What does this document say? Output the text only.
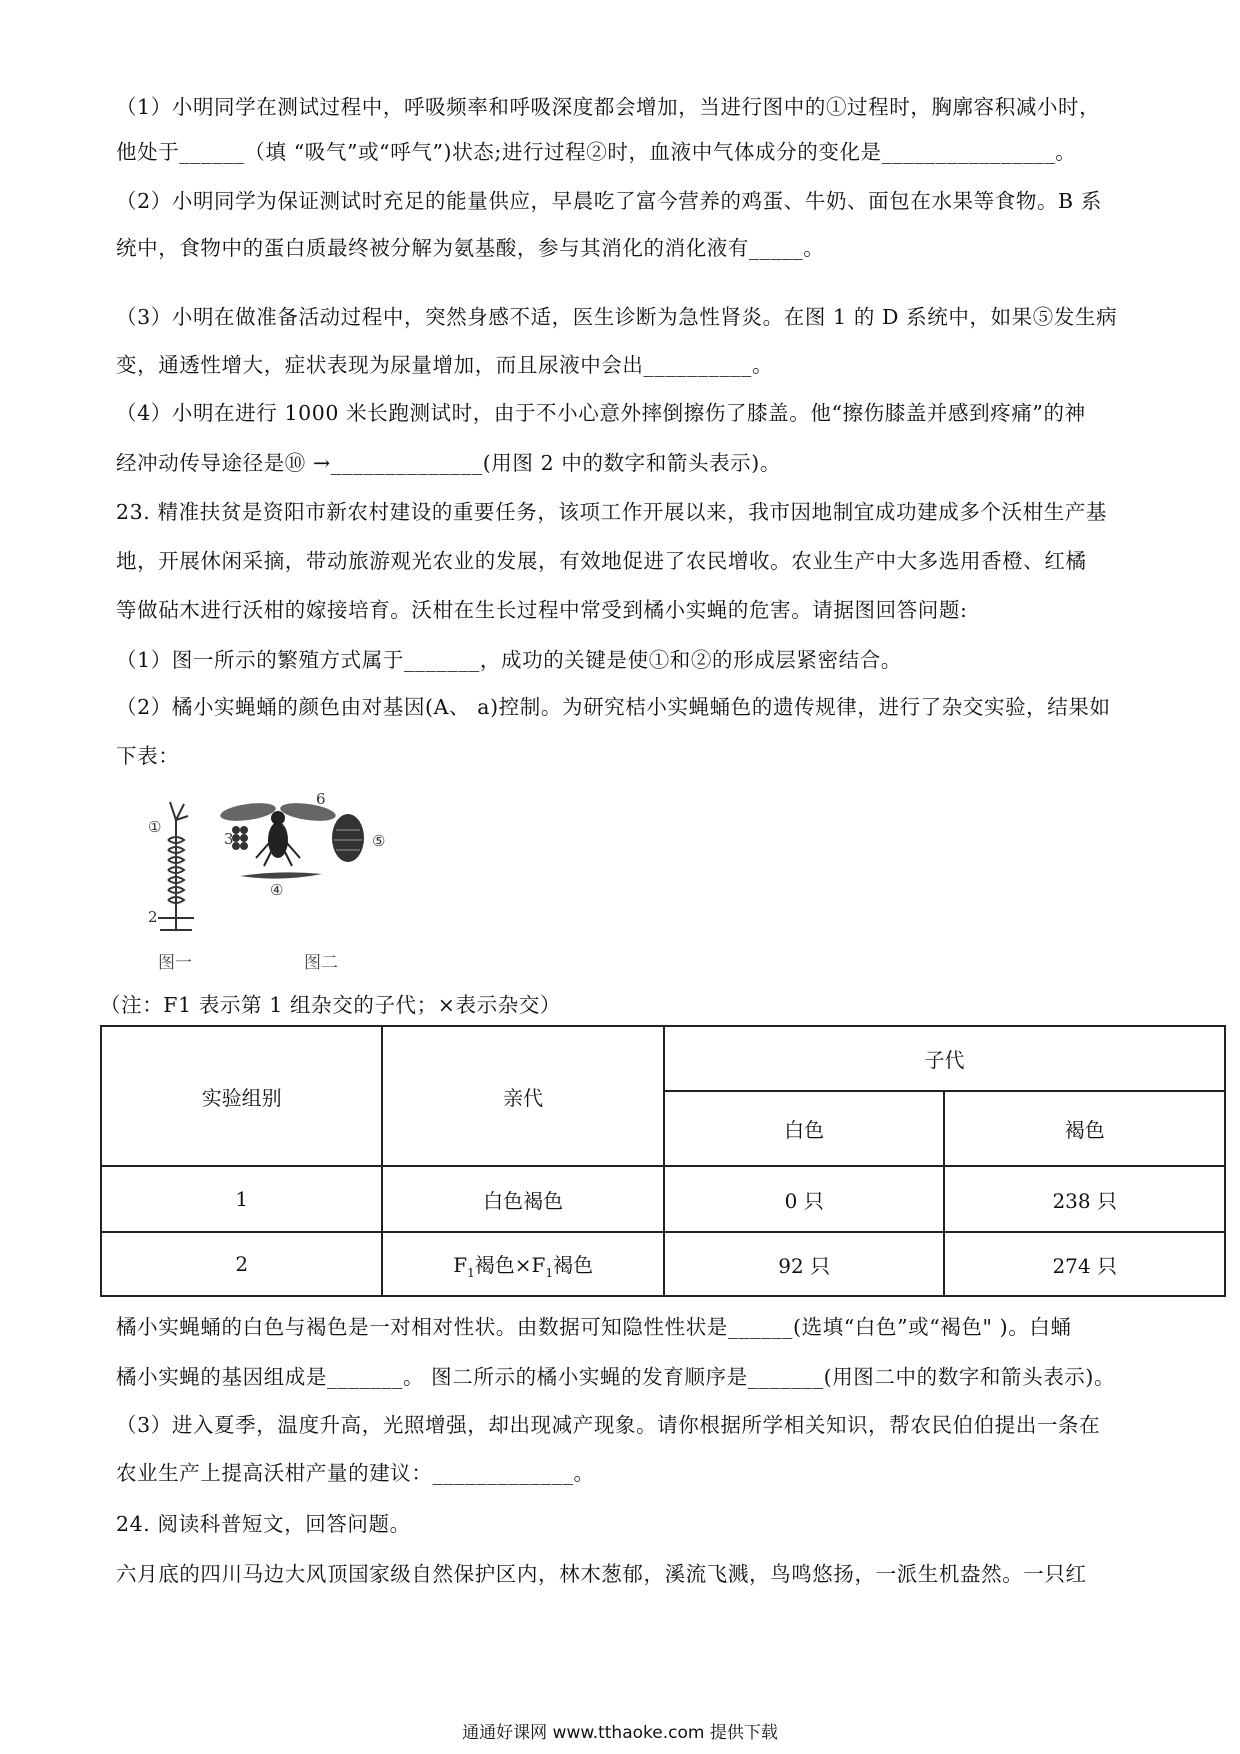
（1）小明同学在测试过程中，呼吸频率和呼吸深度都会增加，当进行图中的①过程时，胸廓容积减小时，
他处于______（填 “吸气”或“呼气”)状态;进行过程②时，血液中气体成分的变化是________________。
（2）小明同学为保证测试时充足的能量供应，早晨吃了富今营养的鸡蛋、牛奶、面包在水果等食物。B 系
统中，食物中的蛋白质最终被分解为氨基酸，参与其消化的消化液有_____。
（3）小明在做准备活动过程中，突然身感不适，医生诊断为急性肾炎。在图 1 的 D 系统中，如果⑤发生病
变，通透性增大，症状表现为尿量增加，而且尿液中会出__________。
（4）小明在进行 1000 米长跑测试时，由于不小心意外摔倒擦伤了膝盖。他“擦伤膝盖并感到疼痛”的神
经冲动传导途径是⑩ →______________(用图 2 中的数字和箭头表示)。
23. 精准扶贫是资阳市新农村建设的重要任务，该项工作开展以来，我市因地制宜成功建成多个沃柑生产基
地，开展休闲采摘，带动旅游观光农业的发展，有效地促进了农民增收。农业生产中大多选用香橙、红橘
等做砧木进行沃柑的嫁接培育。沃柑在生长过程中常受到橘小实蝇的危害。请据图回答问题:
（1）图一所示的繁殖方式属于_______，成功的关键是使①和②的形成层紧密结合。
（2）橘小实蝇蛹的颜色由对基因(A、 a)控制。为研究桔小实蝇蛹色的遗传规律，进行了杂交实验，结果如
下表：
①
2
3
④
⑤
6
图一	图二
（注：F1 表示第 1 组杂交的子代；×表示杂交）
实验组别	亲代	子代	
		白色	褐色
1	白色褐色	0 只	238 只
2	$F_1$褐色$\times F_1$褐色	92 只	274 只
橘小实蝇蛹的白色与褐色是一对相对性状。由数据可知隐性性状是______(选填“白色”或“褐色" )。白蛹
橘小实蝇的基因组成是_______。 图二所示的橘小实蝇的发育顺序是_______(用图二中的数字和箭头表示)。
（3）进入夏季，温度升高，光照增强，却出现减产现象。请你根据所学相关知识，帮农民伯伯提出一条在
农业生产上提高沃柑产量的建议：_____________。
24. 阅读科普短文，回答问题。
六月底的四川马边大风顶国家级自然保护区内，林木葱郁，溪流飞溅，鸟鸣悠扬，一派生机盎然。一只红
通通好课网 www.tthaoke.com 提供下载
